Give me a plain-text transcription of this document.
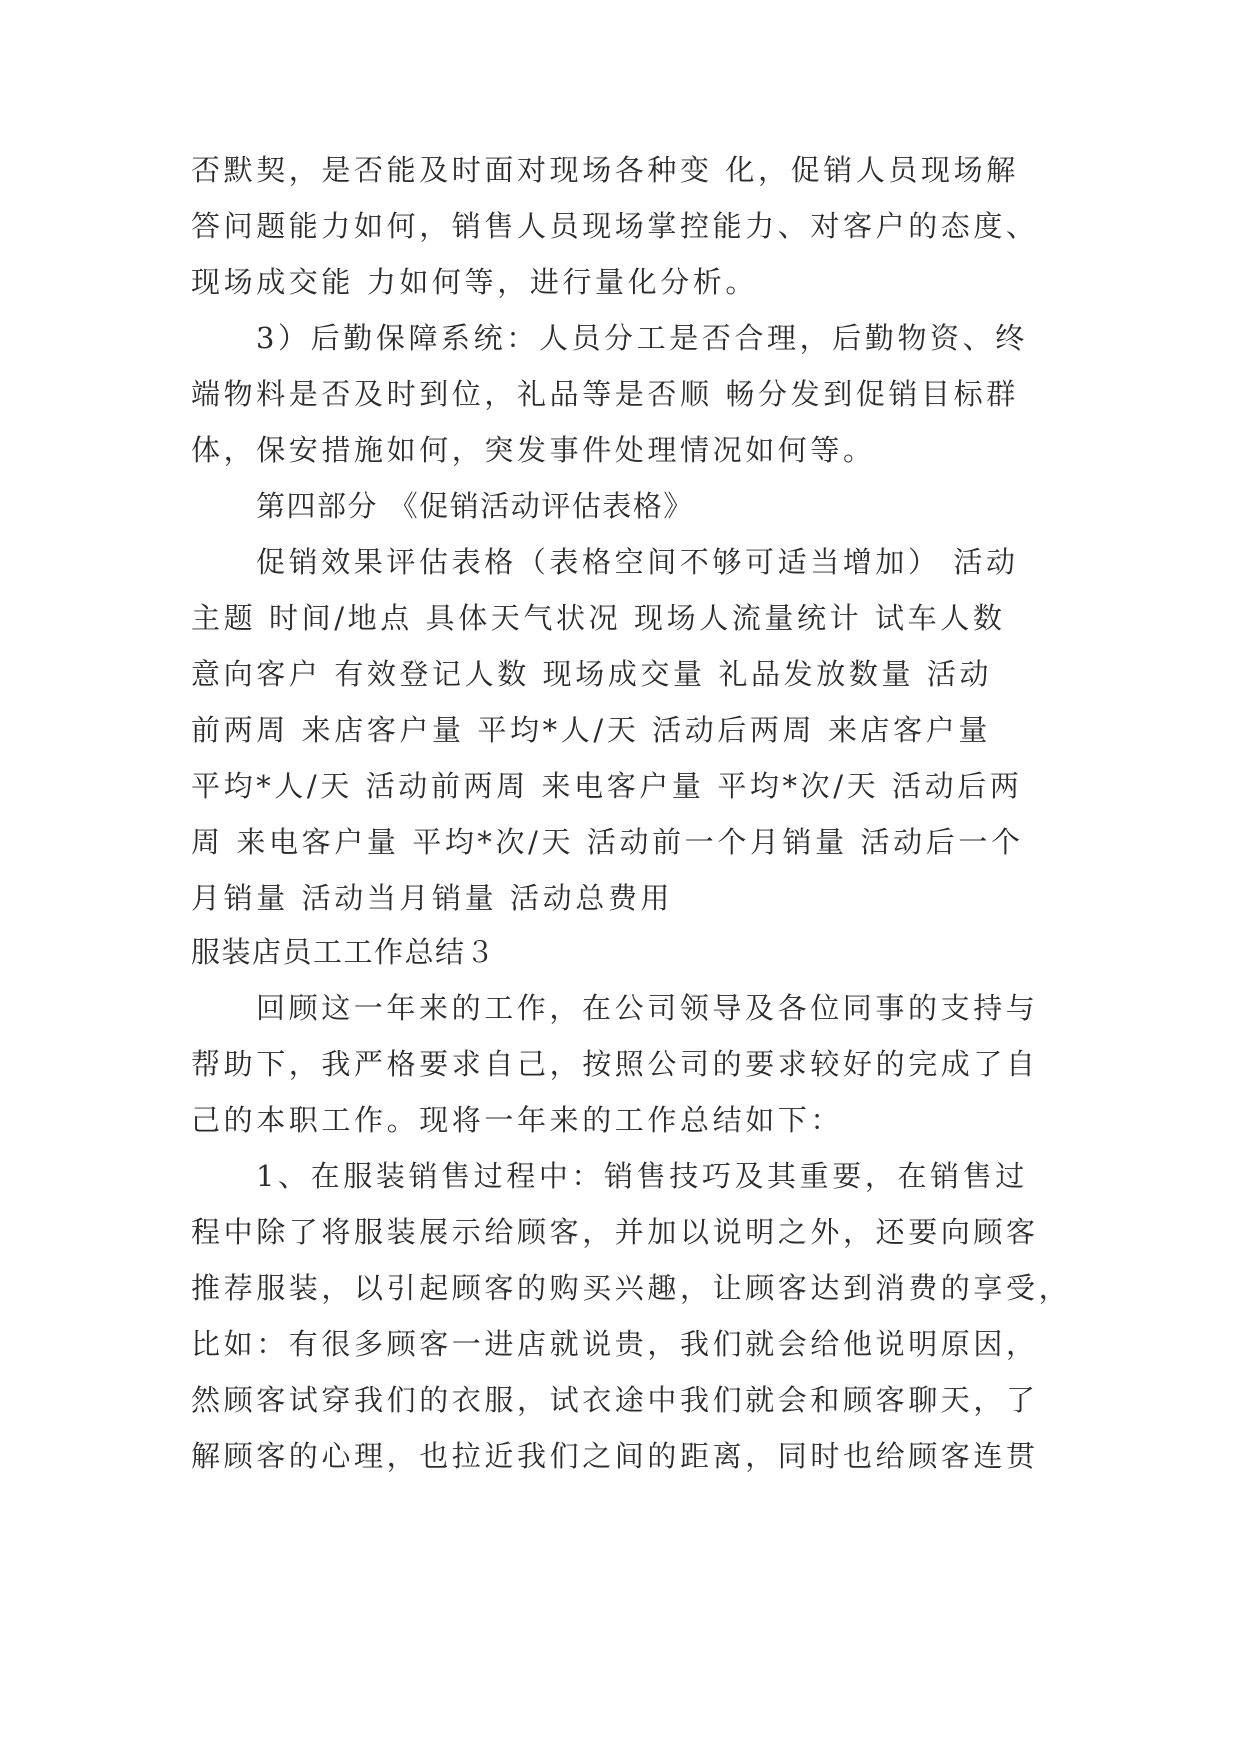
否默契，是否能及时面对现场各种变 化，促销人员现场解
答问题能力如何，销售人员现场掌控能力、对客户的态度、
现场成交能 力如何等，进行量化分析。
3）后勤保障系统：人员分工是否合理，后勤物资、终
端物料是否及时到位，礼品等是否顺 畅分发到促销目标群
体，保安措施如何，突发事件处理情况如何等。
第四部分 《促销活动评估表格》
促销效果评估表格（表格空间不够可适当增加） 活动
主题 时间/地点 具体天气状况 现场人流量统计 试车人数
意向客户 有效登记人数 现场成交量 礼品发放数量 活动
前两周 来店客户量 平均*人/天 活动后两周 来店客户量
平均*人/天 活动前两周 来电客户量 平均*次/天 活动后两
周 来电客户量 平均*次/天 活动前一个月销量 活动后一个
月销量 活动当月销量 活动总费用
服装店员工工作总结３
回顾这一年来的工作，在公司领导及各位同事的支持与
帮助下，我严格要求自己，按照公司的要求较好的完成了自
己的本职工作。现将一年来的工作总结如下：
1、在服装销售过程中：销售技巧及其重要，在销售过
程中除了将服装展示给顾客，并加以说明之外，还要向顾客
推荐服装，以引起顾客的购买兴趣，让顾客达到消费的享受，
比如：有很多顾客一进店就说贵，我们就会给他说明原因，
然顾客试穿我们的衣服，试衣途中我们就会和顾客聊天，了
解顾客的心理，也拉近我们之间的距离，同时也给顾客连贯
